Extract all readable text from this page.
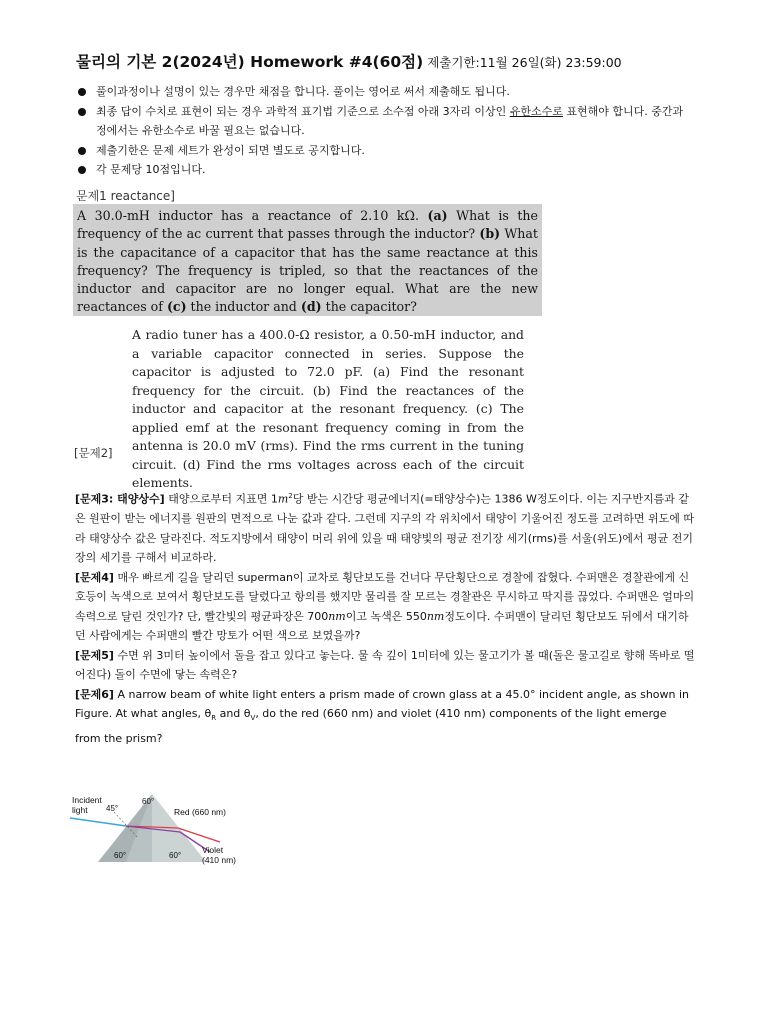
물리의 기본 2(2024년) Homework #4(60점) 제출기한:11월 26일(화) 23:59:00
풀이과정이나 설명이 있는 경우만 채점을 합니다. 풀이는 영어로 써서 제출해도 됩니다.
최종 답이 수치로 표현이 되는 경우 과학적 표기법 기준으로 소수점 아래 3자리 이상인 유한소수로 표현해야 합니다. 중간과정에서는 유한소수로 바꿀 필요는 없습니다.
제출기한은 문제 세트가 완성이 되면 별도로 공지합니다.
각 문제당 10점입니다.
문제1 reactance]
A 30.0-mH inductor has a reactance of 2.10 kΩ. (a) What is the frequency of the ac current that passes through the inductor? (b) What is the capacitance of a capacitor that has the same reactance at this frequency? The frequency is tripled, so that the reactances of the inductor and capacitor are no longer equal. What are the new reactances of (c) the inductor and (d) the capacitor?
A radio tuner has a 400.0-Ω resistor, a 0.50-mH inductor, and a variable capacitor connected in series. Suppose the capacitor is adjusted to 72.0 pF. (a) Find the resonant frequency for the circuit. (b) Find the reactances of the inductor and capacitor at the resonant frequency. (c) The applied emf at the resonant frequency coming in from the antenna is 20.0 mV (rms). Find the rms current in the tuning circuit. (d) Find the rms voltages across each of the circuit elements.
[문제2]

[문제3: 태양상수] 태양으로부터 지표면 $1m^2$당 받는 시간당 평균에너지(=태양상수)는 1386 W정도이다. 이는 지구반지름과 같은 원판이 받는 에너지를 원판의 면적으로 나눈 값과 같다. 그런데 지구의 각 위치에서 태양이 기울어진 정도를 고려하면 위도에 따라 태양상수 값은 달라진다. 적도지방에서 태양이 머리 위에 있을 때 태양빛의 평균 전기장 세기(rms)를 서울(위도)에서 평균 전기장의 세기를 구해서 비교하라.

[문제4] 매우 빠르게 길을 달리던 superman이 교차로 횡단보도를 건너다 무단횡단으로 경찰에 잡혔다. 수퍼맨은 경찰관에게 신호등이 녹색으로 보여서 횡단보도를 달렸다고 항의를 했지만 물리를 잘 모르는 경찰관은 무시하고 딱지를 끊었다. 수퍼맨은 얼마의 속력으로 달린 것인가? 단, 빨간빛의 평균파장은 700nm이고 녹색은 550nm정도이다. 수퍼맨이 달리던 횡단보도 뒤에서 대기하던 사람에게는 수퍼맨의 빨간 망토가 어떤 색으로 보였을까?

[문제5] 수면 위 3미터 높이에서 돌을 잡고 있다고 놓는다. 물 속 깊이 1미터에 있는 물고기가 볼 때(돌은 물고길로 향해 똑바로 떨어진다) 돌이 수면에 닿는 속력은?

[문제6] A narrow beam of white light enters a prism made of crown glass at a 45.0° incident angle, as shown in Figure. At what angles, $\theta_R$ and $\theta_V$, do the red (660 nm) and violet (410 nm) components of the light emerge from the prism?

Incident
light 45°
60°
Red (660 nm)
60°	60°
Violet
(410 nm)
